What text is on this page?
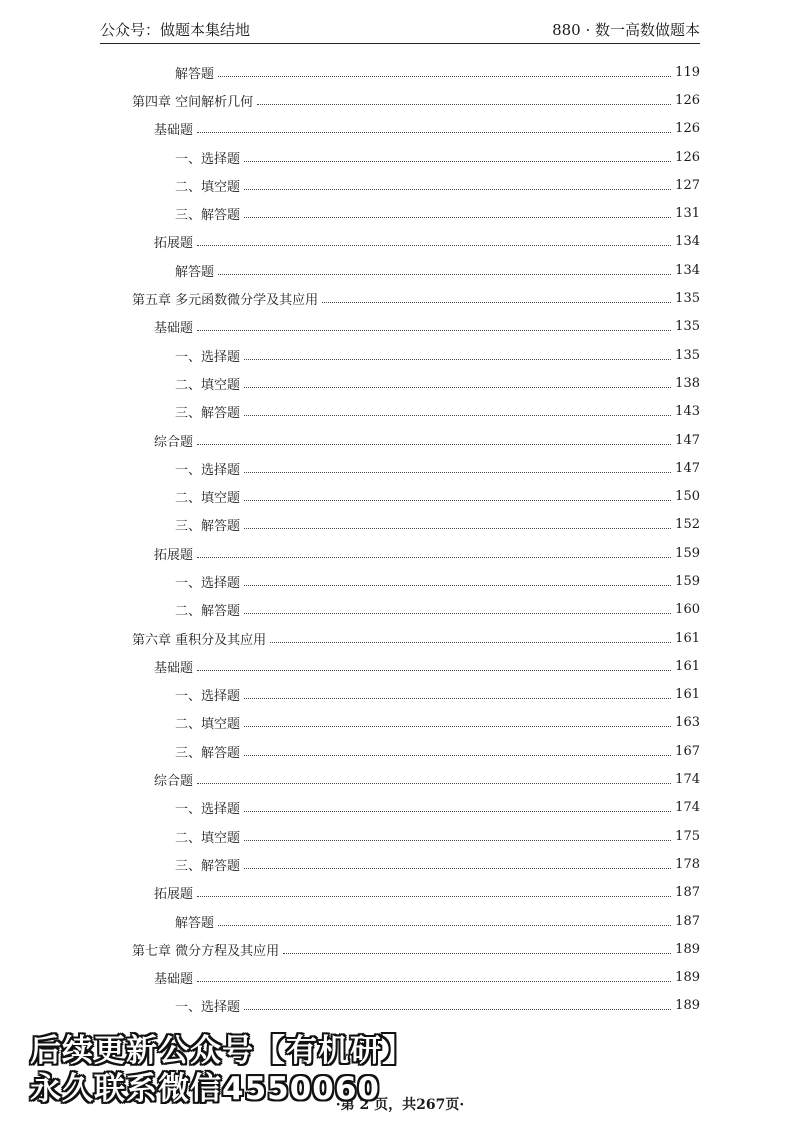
公众号：做题本集结地	880 · 数一高数做题本
解答题	119
第四章 空间解析几何	126
基础题	126
一、选择题	126
二、填空题	127
三、解答题	131
拓展题	134
解答题	134
第五章 多元函数微分学及其应用	135
基础题	135
一、选择题	135
二、填空题	138
三、解答题	143
综合题	147
一、选择题	147
二、填空题	150
三、解答题	152
拓展题	159
一、选择题	159
二、解答题	160
第六章 重积分及其应用	161
基础题	161
一、选择题	161
二、填空题	163
三、解答题	167
综合题	174
一、选择题	174
二、填空题	175
三、解答题	178
拓展题	187
解答题	187
第七章 微分方程及其应用	189
基础题	189
一、选择题	189
·第 2 页，共267页·
后续更新公众号【有机研】
永久联系微信4550060
